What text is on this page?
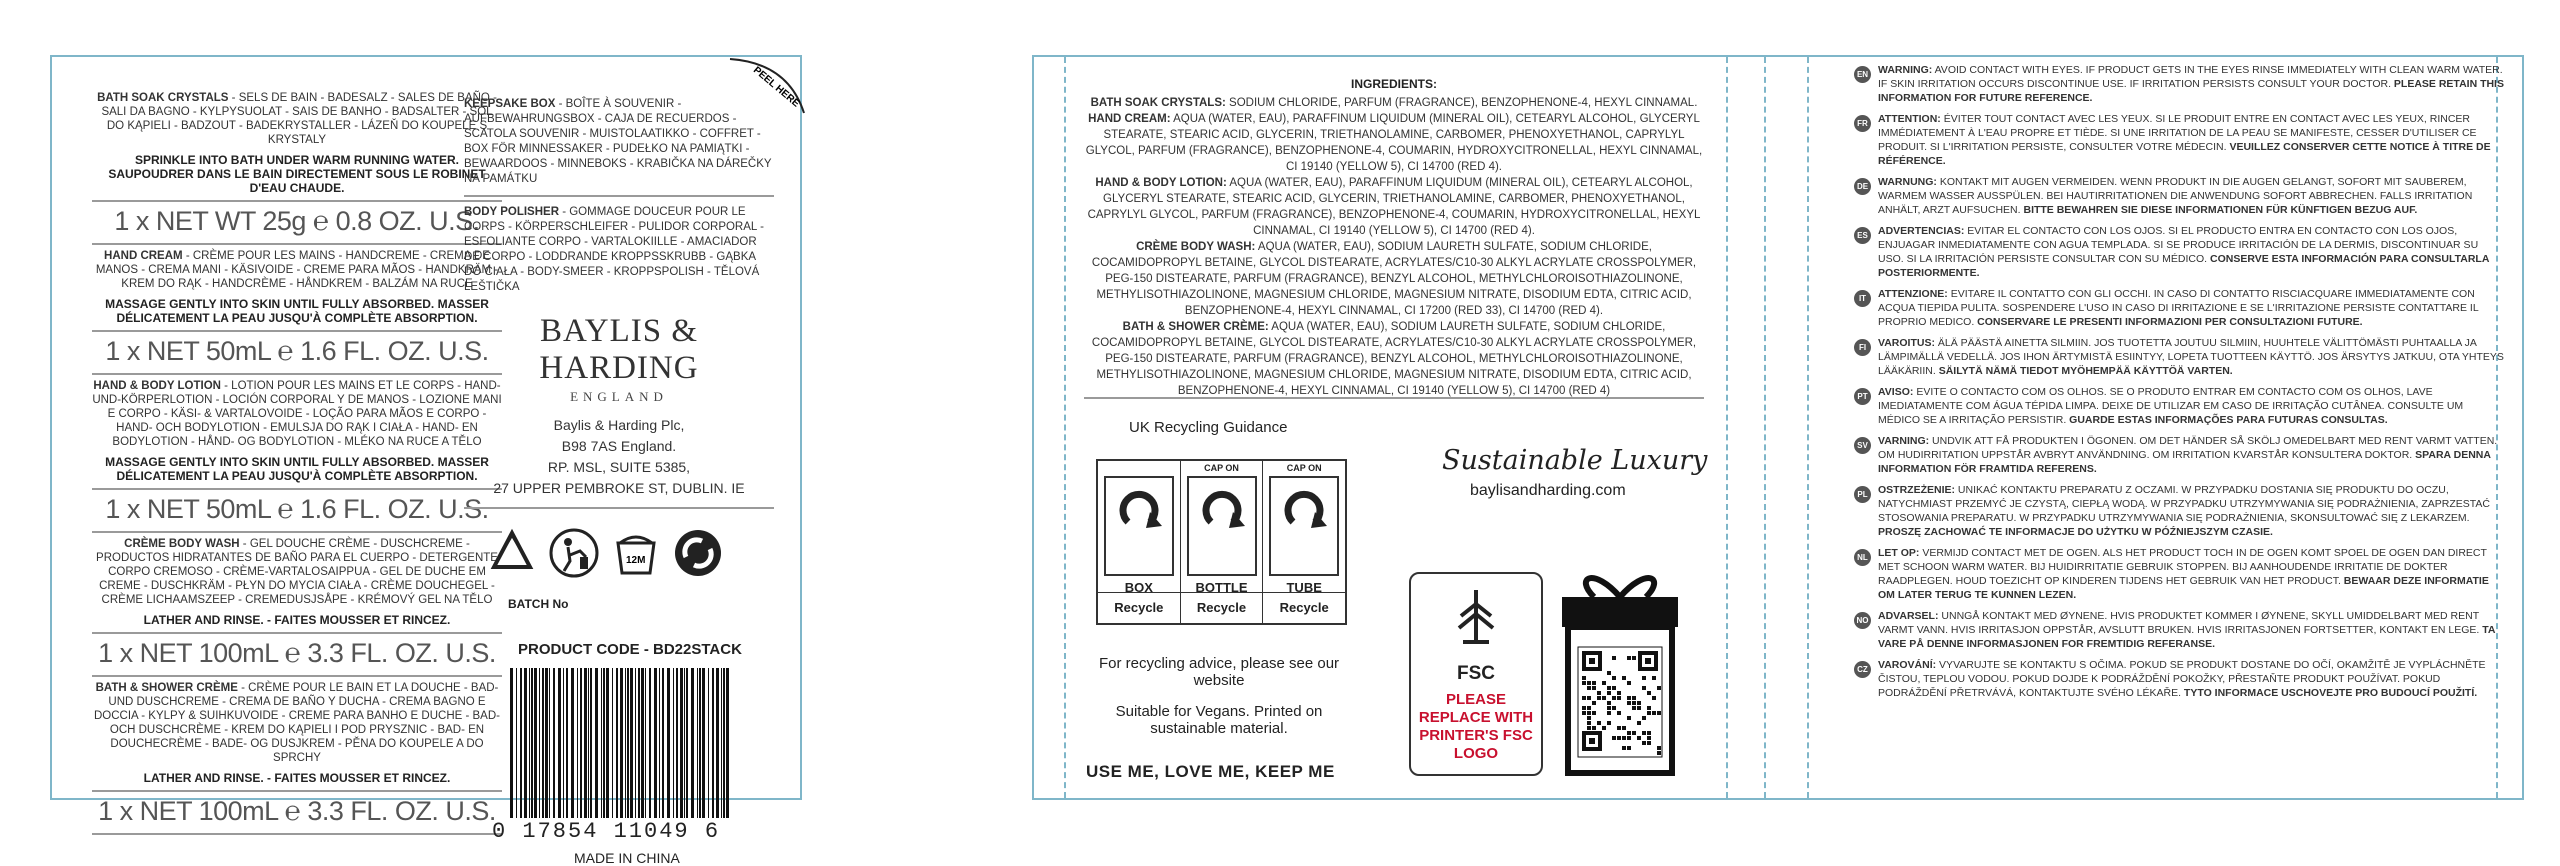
PEEL HERE
BATH SOAK CRYSTALS - SELS DE BAIN - BADESALZ - SALES DE BAÑO - SALI DA BAGNO - KYLPYSUOLAT - SAIS DE BANHO - BADSALTER - SÓL DO KĄPIELI - BADZOUT - BADEKRYSTALLER - LÁZEŇ DO KOUPELE S KRYSTALY
SPRINKLE INTO BATH UNDER WARM RUNNING WATER. SAUPOUDRER DANS LE BAIN DIRECTEMENT SOUS LE ROBINET D'EAU CHAUDE.
1 x NET WT 25g ℮ 0.8 OZ. U.S.
HAND CREAM - CRÈME POUR LES MAINS - HANDCREME - CREMA DE MANOS - CREMA MANI - KÄSIVOIDE - CREME PARA MÃOS - HANDKRÄM - KREM DO RĄK - HANDCRÈME - HÅNDKREM - BALZÁM NA RUCE
MASSAGE GENTLY INTO SKIN UNTIL FULLY ABSORBED. MASSER DÉLICATEMENT LA PEAU JUSQU'À COMPLÈTE ABSORPTION.
1 x NET 50mL ℮ 1.6 FL. OZ. U.S.
HAND & BODY LOTION - LOTION POUR LES MAINS ET LE CORPS - HAND-UND-KÖRPERLOTION - LOCIÓN CORPORAL Y DE MANOS - LOZIONE MANI E CORPO - KÄSI- & VARTALOVOIDE - LOÇÃO PARA MÃOS E CORPO - HAND- OCH BODYLOTION - EMULSJA DO RĄK I CIAŁA - HAND- EN BODYLOTION - HÅND- OG BODYLOTION - MLÉKO NA RUCE A TĚLO
MASSAGE GENTLY INTO SKIN UNTIL FULLY ABSORBED. MASSER DÉLICATEMENT LA PEAU JUSQU'À COMPLÈTE ABSORPTION.
1 x NET 50mL ℮ 1.6 FL. OZ. U.S.
CRÈME BODY WASH - GEL DOUCHE CRÈME - DUSCHCREME - PRODUCTOS HIDRATANTES DE BAÑO PARA EL CUERPO - DETERGENTE CORPO CREMOSO - CRÈME-VARTALOSAIPPUA - GEL DE DUCHE EM CREME - DUSCHKRÄM - PŁYN DO MYCIA CIAŁA - CRÈME DOUCHEGEL - CRÈME LICHAAMSZEEP - CREMEDUSJSÅPE - KRÉMOVÝ GEL NA TĚLO
LATHER AND RINSE. - FAITES MOUSSER ET RINCEZ.
1 x NET 100mL ℮ 3.3 FL. OZ. U.S.
BATH & SHOWER CRÈME - CRÈME POUR LE BAIN ET LA DOUCHE - BAD- UND DUSCHCREME - CREMA DE BAÑO Y DUCHA - CREMA BAGNO E DOCCIA - KYLPY & SUIHKUVOIDE - CREME PARA BANHO E DUCHE - BAD- OCH DUSCHCRÈME - KREM DO KĄPIELI I POD PRYSZNIC - BAD- EN DOUCHECRÈME - BADE- OG DUSJKREM - PĚNA DO KOUPELE A DO SPRCHY
LATHER AND RINSE. - FAITES MOUSSER ET RINCEZ.
1 x NET 100mL ℮ 3.3 FL. OZ. U.S.
KEEPSAKE BOX - BOÎTE À SOUVENIR - AUFBEWAHRUNGSBOX - CAJA DE RECUERDOS - SCATOLA SOUVENIR - MUISTOLAATIKKO - COFFRET - BOX FÖR MINNESSAKER - PUDEŁKO NA PAMIĄTKI - BEWAARDOOS - MINNEBOKS - KRABIČKA NA DÁREČKY NA PAMÁTKU
BODY POLISHER - GOMMAGE DOUCEUR POUR LE CORPS - KÖRPERSCHLEIFER - PULIDOR CORPORAL - ESFOLIANTE CORPO - VARTALOKIILLE - AMACIADOR DE CORPO - LODDRANDE KROPPSSKRUBB - GĄBKA DO CIAŁA - BODY-SMEER - KROPPSPOLISH - TĚLOVÁ LEŠTIČKA
BAYLIS & HARDING
ENGLAND
Baylis & Harding Plc,
B98 7AS England.
RP. MSL, SUITE 5385,
27 UPPER PEMBROKE ST, DUBLIN. IE
12M
BATCH No
PRODUCT CODE - BD22STACK
0 17854 11049 6
MADE IN CHINA
INGREDIENTS:
BATH SOAK CRYSTALS: SODIUM CHLORIDE, PARFUM (FRAGRANCE), BENZOPHENONE-4, HEXYL CINNAMAL.
HAND CREAM: AQUA (WATER, EAU), PARAFFINUM LIQUIDUM (MINERAL OIL), CETEARYL ALCOHOL, GLYCERYL STEARATE, STEARIC ACID, GLYCERIN, TRIETHANOLAMINE, CARBOMER, PHENOXYETHANOL, CAPRYLYL GLYCOL, PARFUM (FRAGRANCE), BENZOPHENONE-4, COUMARIN, HYDROXYCITRONELLAL, HEXYL CINNAMAL, CI 19140 (YELLOW 5), CI 14700 (RED 4).
HAND & BODY LOTION: AQUA (WATER, EAU), PARAFFINUM LIQUIDUM (MINERAL OIL), CETEARYL ALCOHOL, GLYCERYL STEARATE, STEARIC ACID, GLYCERIN, TRIETHANOLAMINE, CARBOMER, PHENOXYETHANOL, CAPRYLYL GLYCOL, PARFUM (FRAGRANCE), BENZOPHENONE-4, COUMARIN, HYDROXYCITRONELLAL, HEXYL CINNAMAL, CI 19140 (YELLOW 5), CI 14700 (RED 4).
CRÈME BODY WASH: AQUA (WATER, EAU), SODIUM LAURETH SULFATE, SODIUM CHLORIDE, COCAMIDOPROPYL BETAINE, GLYCOL DISTEARATE, ACRYLATES/C10-30 ALKYL ACRYLATE CROSSPOLYMER, PEG-150 DISTEARATE, PARFUM (FRAGRANCE), BENZYL ALCOHOL, METHYLCHLOROISOTHIAZOLINONE, METHYLISOTHIAZOLINONE, MAGNESIUM CHLORIDE, MAGNESIUM NITRATE, DISODIUM EDTA, CITRIC ACID, BENZOPHENONE-4, HEXYL CINNAMAL, CI 17200 (RED 33), CI 14700 (RED 4).
BATH & SHOWER CRÈME: AQUA (WATER, EAU), SODIUM LAURETH SULFATE, SODIUM CHLORIDE, COCAMIDOPROPYL BETAINE, GLYCOL DISTEARATE, ACRYLATES/C10-30 ALKYL ACRYLATE CROSSPOLYMER, PEG-150 DISTEARATE, PARFUM (FRAGRANCE), BENZYL ALCOHOL, METHYLCHLOROISOTHIAZOLINONE, METHYLISOTHIAZOLINONE, MAGNESIUM CHLORIDE, MAGNESIUM NITRATE, DISODIUM EDTA, CITRIC ACID, BENZOPHENONE-4, HEXYL CINNAMAL, CI 19140 (YELLOW 5), CI 14700 (RED 4)
UK Recycling Guidance
BOX
Recycle
CAP ON
BOTTLE
Recycle
CAP ON
TUBE
Recycle
For recycling advice, please see our website
Suitable for Vegans. Printed on sustainable material.
USE ME, LOVE ME, KEEP ME
Sustainable Luxury
baylisandharding.com
FSC
PLEASE REPLACE WITH PRINTER'S FSC LOGO
EN WARNING: AVOID CONTACT WITH EYES. IF PRODUCT GETS IN THE EYES RINSE IMMEDIATELY WITH CLEAN WARM WATER. IF SKIN IRRITATION OCCURS DISCONTINUE USE. IF IRRITATION PERSISTS CONSULT YOUR DOCTOR. PLEASE RETAIN THIS INFORMATION FOR FUTURE REFERENCE.
FR ATTENTION: ÉVITER TOUT CONTACT AVEC LES YEUX. SI LE PRODUIT ENTRE EN CONTACT AVEC LES YEUX, RINCER IMMÉDIATEMENT À L'EAU PROPRE ET TIÈDE. SI UNE IRRITATION DE LA PEAU SE MANIFESTE, CESSER D'UTILISER CE PRODUIT. SI L'IRRITATION PERSISTE, CONSULTER VOTRE MÉDECIN. VEUILLEZ CONSERVER CETTE NOTICE À TITRE DE RÉFÉRENCE.
DE WARNUNG: KONTAKT MIT AUGEN VERMEIDEN. WENN PRODUKT IN DIE AUGEN GELANGT, SOFORT MIT SAUBEREM, WARMEM WASSER AUSSPÜLEN. BEI HAUTIRRITATIONEN DIE ANWENDUNG SOFORT ABBRECHEN. FALLS IRRITATION ANHÄLT, ARZT AUFSUCHEN. BITTE BEWAHREN SIE DIESE INFORMATIONEN FÜR KÜNFTIGEN BEZUG AUF.
ES ADVERTENCIAS: EVITAR EL CONTACTO CON LOS OJOS. SI EL PRODUCTO ENTRA EN CONTACTO CON LOS OJOS, ENJUAGAR INMEDIATAMENTE CON AGUA TEMPLADA. SI SE PRODUCE IRRITACIÓN DE LA DERMIS, DISCONTINUAR SU USO. SI LA IRRITACIÓN PERSISTE CONSULTAR CON SU MÉDICO. CONSERVE ESTA INFORMACIÓN PARA CONSULTARLA POSTERIORMENTE.
IT	ATTENZIONE: EVITARE IL CONTATTO CON GLI OCCHI. IN CASO DI CONTATTO RISCIACQUARE IMMEDIATAMENTE CON ACQUA TIEPIDA PULITA. SOSPENDERE L'USO IN CASO DI IRRITAZIONE E SE L'IRRITAZIONE PERSISTE CONTATTARE IL PROPRIO MEDICO. CONSERVARE LE PRESENTI INFORMAZIONI PER CONSULTAZIONI FUTURE.
FI	VAROITUS: ÄLÄ PÄÄSTÄ AINETTA SILMIIN. JOS TUOTETTA JOUTUU SILMIIN, HUUHTELE VÄLITTÖMÄSTI PUHTAALLA JA LÄMPIMÄLLÄ VEDELLÄ. JOS IHON ÄRTYMISTÄ ESIINTYY, LOPETA TUOTTEEN KÄYTTÖ. JOS ÄRSYTYS JATKUU, OTA YHTEYS LÄÄKÄRIIN. SÄILYTÄ NÄMÄ TIEDOT MYÖHEMPÄÄ KÄYTTÖÄ VARTEN.
PT AVISO: EVITE O CONTACTO COM OS OLHOS. SE O PRODUTO ENTRAR EM CONTACTO COM OS OLHOS, LAVE IMEDIATAMENTE COM ÁGUA TÉPIDA LIMPA. DEIXE DE UTILIZAR EM CASO DE IRRITAÇÃO CUTÂNEA. CONSULTE UM MÉDICO SE A IRRITAÇÃO PERSISTIR. GUARDE ESTAS INFORMAÇÕES PARA FUTURAS CONSULTAS.
SV VARNING: UNDVIK ATT FÅ PRODUKTEN I ÖGONEN. OM DET HÄNDER SÅ SKÖLJ OMEDELBART MED RENT VARMT VATTEN. OM HUDIRRITATION UPPSTÅR AVBRYT ANVÄNDNING. OM IRRITATION KVARSTÅR KONSULTERA DOKTOR. SPARA DENNA INFORMATION FÖR FRAMTIDA REFERENS.
PL OSTRZEŻENIE: UNIKAĆ KONTAKTU PREPARATU Z OCZAMI. W PRZYPADKU DOSTANIA SIĘ PRODUKTU DO OCZU, NATYCHMIAST PRZEMYĆ JE CZYSTĄ, CIEPŁĄ WODĄ. W PRZYPADKU UTRZYMYWANIA SIĘ PODRAŻNIENIA, ZAPRZESTAĆ STOSOWANIA PREPARATU. W PRZYPADKU UTRZYMYWANIA SIĘ PODRAŻNIENIA, SKONSULTOWAĆ SIĘ Z LEKARZEM. PROSZĘ ZACHOWAĆ TE INFORMACJE DO UŻYTKU W PÓŹNIEJSZYM CZASIE.
NL LET OP: VERMIJD CONTACT MET DE OGEN. ALS HET PRODUCT TOCH IN DE OGEN KOMT SPOEL DE OGEN DAN DIRECT MET SCHOON WARM WATER. BIJ HUIDIRRITATIE GEBRUIK STOPPEN. BIJ AANHOUDENDE IRRITATIE DE DOKTER RAADPLEGEN. HOUD TOEZICHT OP KINDEREN TIJDENS HET GEBRUIK VAN HET PRODUCT. BEWAAR DEZE INFORMATIE OM LATER TERUG TE KUNNEN LEZEN.
NO ADVARSEL: UNNGÅ KONTAKT MED ØYNENE. HVIS PRODUKTET KOMMER I ØYNENE, SKYLL UMIDDELBART MED RENT VARMT VANN. HVIS IRRITASJON OPPSTÅR, AVSLUTT BRUKEN. HVIS IRRITASJONEN FORTSETTER, KONTAKT EN LEGE. TA VARE PÅ DENNE INFORMASJONEN FOR FREMTIDIG REFERANSE.
CZ VAROVÁNÍ: VYVARUJTE SE KONTAKTU S OČIMA. POKUD SE PRODUKT DOSTANE DO OČÍ, OKAMŽITĚ JE VYPLÁCHNĚTE ČISTOU, TEPLOU VODOU. POKUD DOJDE K PODRÁŽDĚNÍ POKOŽKY, PŘESTAŇTE PRODUKT POUŽÍVAT. POKUD PODRÁŽDĚNÍ PŘETRVÁVÁ, KONTAKTUJTE SVÉHO LÉKAŘE. TYTO INFORMACE USCHOVEJTE PRO BUDOUCÍ POUŽITÍ.
